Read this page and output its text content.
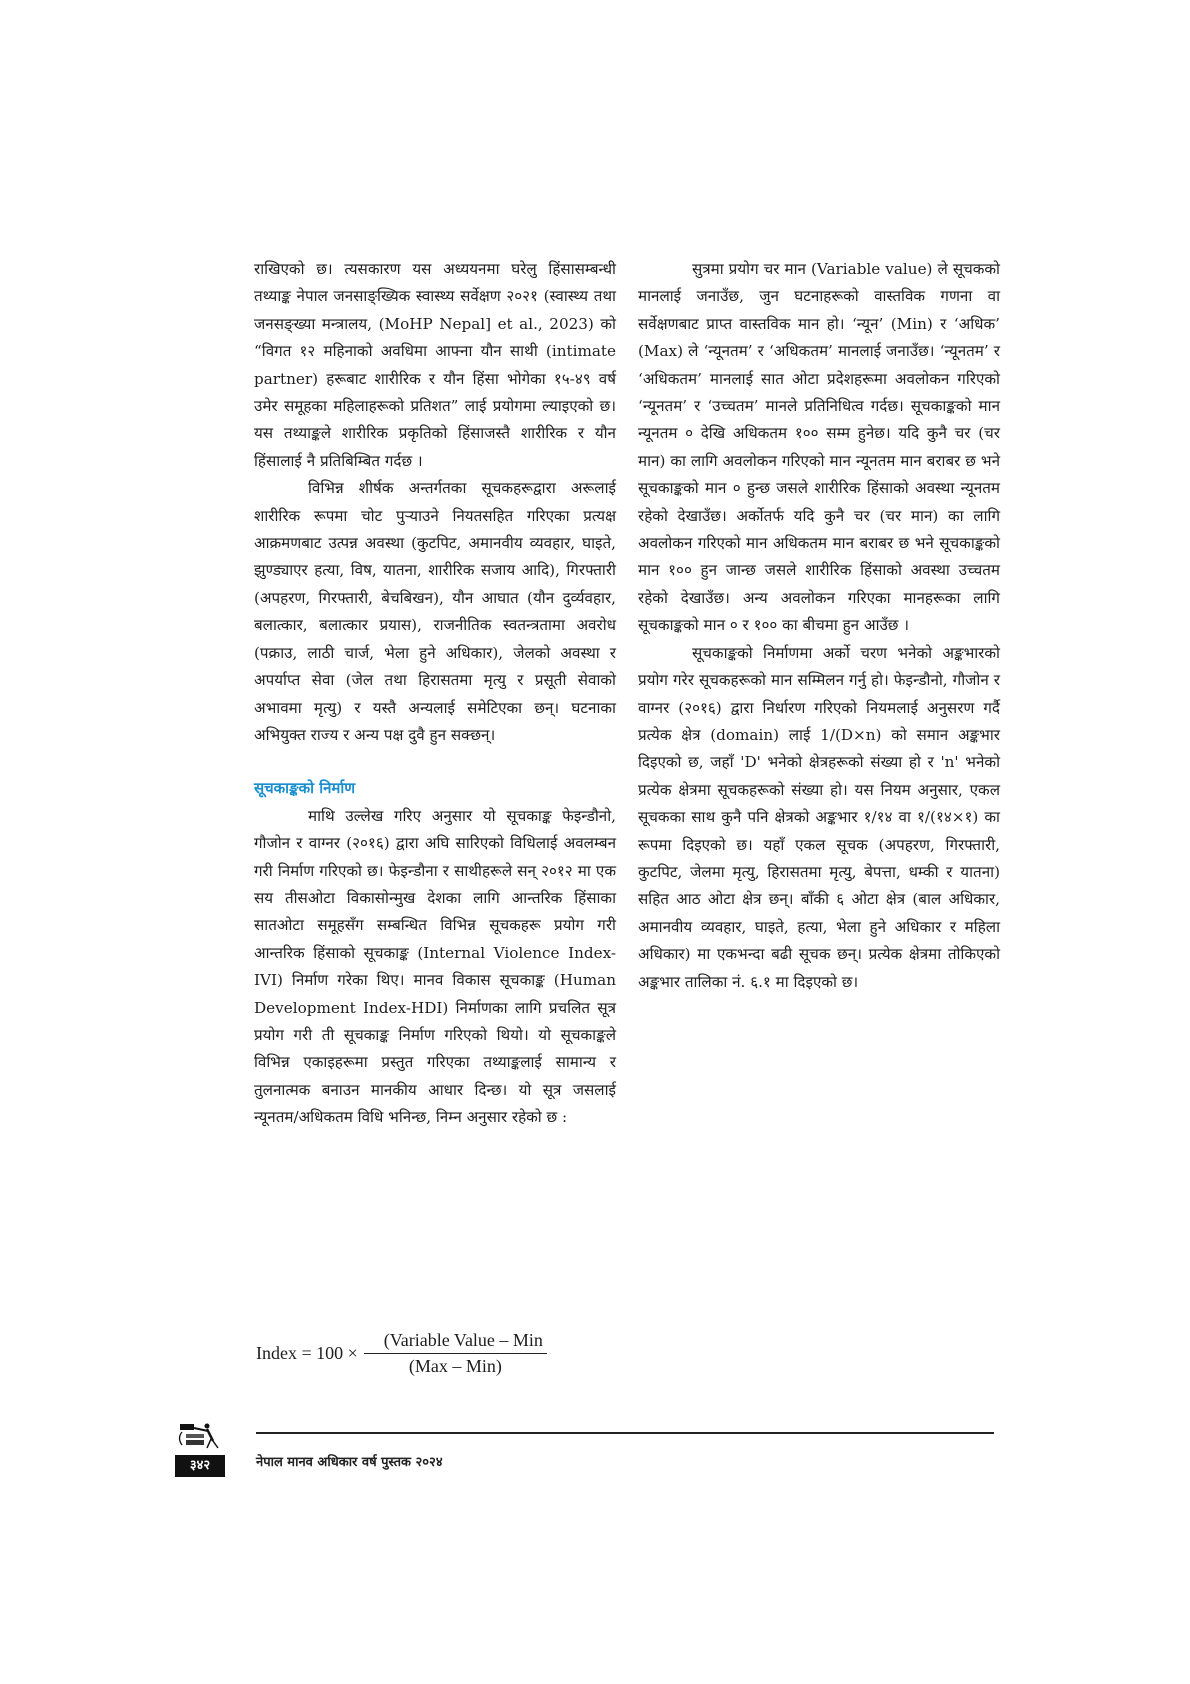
राखिएको छ। त्यसकारण यस अध्ययनमा घरेलु हिंसासम्बन्धी तथ्याङ्क नेपाल जनसाङ्ख्यिक स्वास्थ्य सर्वेक्षण २०२१ (स्वास्थ्य तथा जनसङ्ख्या मन्त्रालय, (MoHP Nepal] et al., 2023) को “विगत १२ महिनाको अवधिमा आफ्ना यौन साथी (intimate partner) हरूबाट शारीरिक र यौन हिंसा भोगेका १५-४९ वर्ष उमेर समूहका महिलाहरूको प्रतिशत” लाई प्रयोगमा ल्याइएको छ। यस तथ्याङ्कले शारीरिक प्रकृतिको हिंसाजस्तै शारीरिक र यौन हिंसालाई नै प्रतिबिम्बित गर्दछ ।

विभिन्न शीर्षक अन्तर्गतका सूचकहरूद्वारा अरूलाई शारीरिक रूपमा चोट पुऱ्याउने नियतसहित गरिएका प्रत्यक्ष आक्रमणबाट उत्पन्न अवस्था (कुटपिट, अमानवीय व्यवहार, घाइते, झुण्ड्याएर हत्या, विष, यातना, शारीरिक सजाय आदि), गिरफ्तारी (अपहरण, गिरफ्तारी, बेचबिखन), यौन आघात (यौन दुर्व्यवहार, बलात्कार, बलात्कार प्रयास), राजनीतिक स्वतन्त्रतामा अवरोध (पक्राउ, लाठी चार्ज, भेला हुने अधिकार), जेलको अवस्था र अपर्याप्त सेवा (जेल तथा हिरासतमा मृत्यु र प्रसूती सेवाको अभावमा मृत्यु) र यस्तै अन्यलाई समेटिएका छन्। घटनाका अभियुक्त राज्य र अन्य पक्ष दुवै हुन सक्छन्।

सूचकाङ्कको निर्माण

माथि उल्लेख गरिए अनुसार यो सूचकाङ्क फेइन्डौनो, गौजोन र वाग्नर (२०१६) द्वारा अघि सारिएको विधिलाई अवलम्बन गरी निर्माण गरिएको छ। फेइन्डौना र साथीहरूले सन् २०१२ मा एक सय तीसओटा विकासोन्मुख देशका लागि आन्तरिक हिंसाका सातओटा समूहसँग सम्बन्धित विभिन्न सूचकहरू प्रयोग गरी आन्तरिक हिंसाको सूचकाङ्क (Internal Violence Index-IVI) निर्माण गरेका थिए। मानव विकास सूचकाङ्क (Human Development Index-HDI) निर्माणका लागि प्रचलित सूत्र प्रयोग गरी ती सूचकाङ्क निर्माण गरिएको थियो। यो सूचकाङ्कले विभिन्न एकाइहरूमा प्रस्तुत गरिएका तथ्याङ्कलाई सामान्य र तुलनात्मक बनाउन मानकीय आधार दिन्छ। यो सूत्र जसलाई न्यूनतम/अधिकतम विधि भनिन्छ, निम्न अनुसार रहेको छ :

Index = $100 \times \frac{\text{(Variable Value – Min}}{\text{(Max – Min)}}$

सुत्रमा प्रयोग चर मान (Variable value) ले सूचकको मानलाई जनाउँछ, जुन घटनाहरूको वास्तविक गणना वा सर्वेक्षणबाट प्राप्त वास्तविक मान हो। ‘न्यून’ (Min) र ‘अधिक’ (Max) ले ‘न्यूनतम’ र ‘अधिकतम’ मानलाई जनाउँछ। ‘न्यूनतम’ र ‘अधिकतम’ मानलाई सात ओटा प्रदेशहरूमा अवलोकन गरिएको ‘न्यूनतम’ र ‘उच्चतम’ मानले प्रतिनिधित्व गर्दछ। सूचकाङ्कको मान न्यूनतम ० देखि अधिकतम १०० सम्म हुनेछ। यदि कुनै चर (चर मान) का लागि अवलोकन गरिएको मान न्यूनतम मान बराबर छ भने सूचकाङ्कको मान ० हुन्छ जसले शारीरिक हिंसाको अवस्था न्यूनतम रहेको देखाउँछ। अर्कोतर्फ यदि कुनै चर (चर मान) का लागि अवलोकन गरिएको मान अधिकतम मान बराबर छ भने सूचकाङ्कको मान १०० हुन जान्छ जसले शारीरिक हिंसाको अवस्था उच्चतम रहेको देखाउँछ। अन्य अवलोकन गरिएका मानहरूका लागि सूचकाङ्कको मान ० र १०० का बीचमा हुन आउँछ ।

सूचकाङ्कको निर्माणमा अर्को चरण भनेको अङ्कभारको प्रयोग गरेर सूचकहरूको मान सम्मिलन गर्नु हो। फेइन्डौनो, गौजोन र वाग्नर (२०१६) द्वारा निर्धारण गरिएको नियमलाई अनुसरण गर्दै प्रत्येक क्षेत्र (domain) लाई 1/(D×n) को समान अङ्कभार दिइएको छ, जहाँ 'D' भनेको क्षेत्रहरूको संख्या हो र 'n' भनेको प्रत्येक क्षेत्रमा सूचकहरूको संख्या हो। यस नियम अनुसार, एकल सूचकका साथ कुनै पनि क्षेत्रको अङ्कभार १/१४ वा १/(१४×१) का रूपमा दिइएको छ। यहाँ एकल सूचक (अपहरण, गिरफ्तारी, कुटपिट, जेलमा मृत्यु, हिरासतमा मृत्यु, बेपत्ता, धम्की र यातना) सहित आठ ओटा क्षेत्र छन्। बाँकी ६ ओटा क्षेत्र (बाल अधिकार, अमानवीय व्यवहार, घाइते, हत्या, भेला हुने अधिकार र महिला अधिकार) मा एकभन्दा बढी सूचक छन्। प्रत्येक क्षेत्रमा तोकिएको अङ्कभार तालिका नं. ६.१ मा दिइएको छ।

३४२	नेपाल मानव अधिकार वर्ष पुस्तक २०२४
